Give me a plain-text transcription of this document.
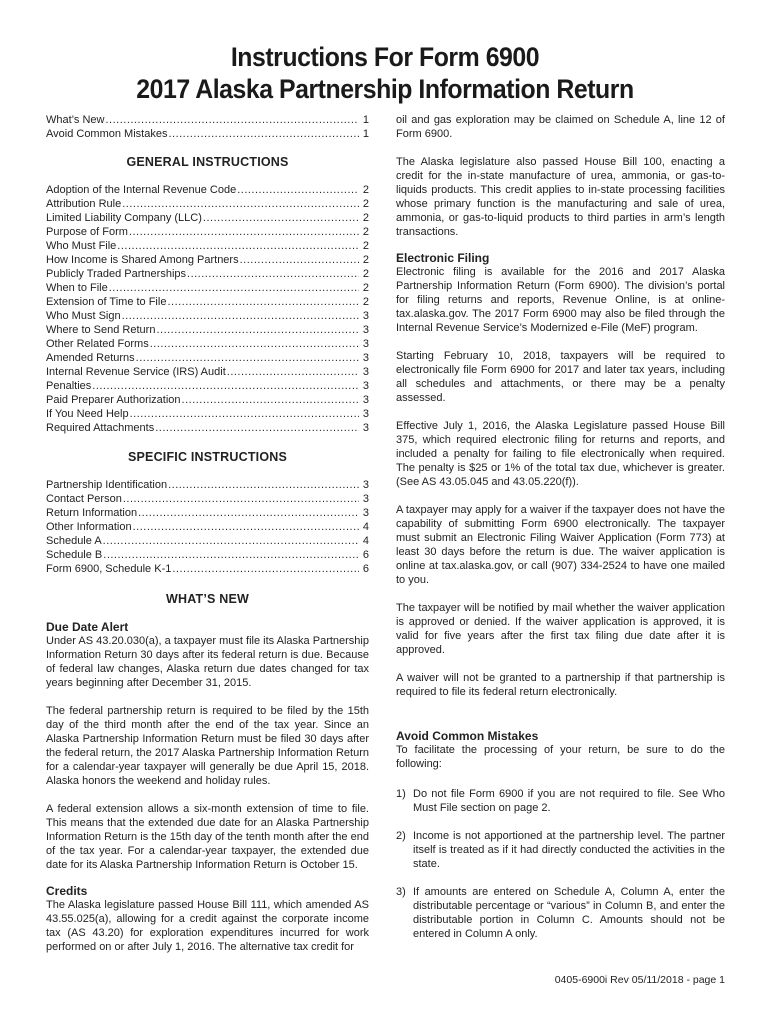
Instructions For Form 6900
2017 Alaska Partnership Information Return
What’s New .....	1
Avoid Common Mistakes .....	1
GENERAL INSTRUCTIONS
Adoption of the Internal Revenue Code .....	2
Attribution Rule .....	2
Limited Liability Company (LLC) .....	2
Purpose of Form .....	2
Who Must File .....	2
How Income is Shared Among Partners .....	2
Publicly Traded Partnerships .....	2
When to File .....	2
Extension of Time to File .....	2
Who Must Sign .....	3
Where to Send Return .....	3
Other Related Forms .....	3
Amended Returns .....	3
Internal Revenue Service (IRS) Audit .....	3
Penalties .....	3
Paid Preparer Authorization .....	3
If You Need Help .....	3
Required Attachments .....	3
SPECIFIC INSTRUCTIONS
Partnership Identification .....	3
Contact Person .....	3
Return Information .....	3
Other Information .....	4
Schedule A .....	4
Schedule B .....	6
Form 6900, Schedule K-1 .....	6
WHAT’S NEW
Due Date Alert

Under AS 43.20.030(a), a taxpayer must file its Alaska Partnership Information Return 30 days after its federal return is due. Because of federal law changes, Alaska return due dates changed for tax years beginning after December 31, 2015.

The federal partnership return is required to be filed by the 15th day of the third month after the end of the tax year. Since an Alaska Partnership Information Return must be filed 30 days after the federal return, the 2017 Alaska Partnership Information Return for a calendar-year taxpayer will generally be due April 15, 2018. Alaska honors the weekend and holiday rules.

A federal extension allows a six-month extension of time to file. This means that the extended due date for an Alaska Partnership Information Return is the 15th day of the tenth month after the end of the tax year. For a calendar-year taxpayer, the extended due date for its Alaska Partnership Information Return is October 15.

Credits

The Alaska legislature passed House Bill 111, which amended AS 43.55.025(a), allowing for a credit against the corporate income tax (AS 43.20) for exploration expenditures incurred for work performed on or after July 1, 2016. The alternative tax credit for

oil and gas exploration may be claimed on Schedule A, line 12 of Form 6900.

The Alaska legislature also passed House Bill 100, enacting a credit for the in-state manufacture of urea, ammonia, or gas-to-liquids products. This credit applies to in-state processing facilities whose primary function is the manufacturing and sale of urea, ammonia, or gas-to-liquid products to third parties in arm’s length transactions.

Electronic Filing

Electronic filing is available for the 2016 and 2017 Alaska Partnership Information Return (Form 6900). The division’s portal for filing returns and reports, Revenue Online, is at online-tax.alaska.gov. The 2017 Form 6900 may also be filed through the Internal Revenue Service’s Modernized e-File (MeF) program.

Starting February 10, 2018, taxpayers will be required to electronically file Form 6900 for 2017 and later tax years, including all schedules and attachments, or there may be a penalty assessed.

Effective July 1, 2016, the Alaska Legislature passed House Bill 375, which required electronic filing for returns and reports, and included a penalty for failing to file electronically when required. The penalty is $25 or 1% of the total tax due, whichever is greater. (See AS 43.05.045 and 43.05.220(f)).

A taxpayer may apply for a waiver if the taxpayer does not have the capability of submitting Form 6900 electronically. The taxpayer must submit an Electronic Filing Waiver Application (Form 773) at least 30 days before the return is due. The waiver application is online at tax.alaska.gov, or call (907) 334-2524 to have one mailed to you.

The taxpayer will be notified by mail whether the waiver application is approved or denied. If the waiver application is approved, it is valid for five years after the first tax filing due date after it is approved.

A waiver will not be granted to a partnership if that partnership is required to file its federal return electronically.

Avoid Common Mistakes

To facilitate the processing of your return, be sure to do the following:

1) Do not file Form 6900 if you are not required to file. See Who Must File section on page 2.
2) Income is not apportioned at the partnership level. The partner itself is treated as if it had directly conducted the activities in the state.
3) If amounts are entered on Schedule A, Column A, enter the distributable percentage or “various” in Column B, and enter the distributable portion in Column C. Amounts should not be entered in Column A only.
0405-6900i Rev 05/11/2018 - page 1
